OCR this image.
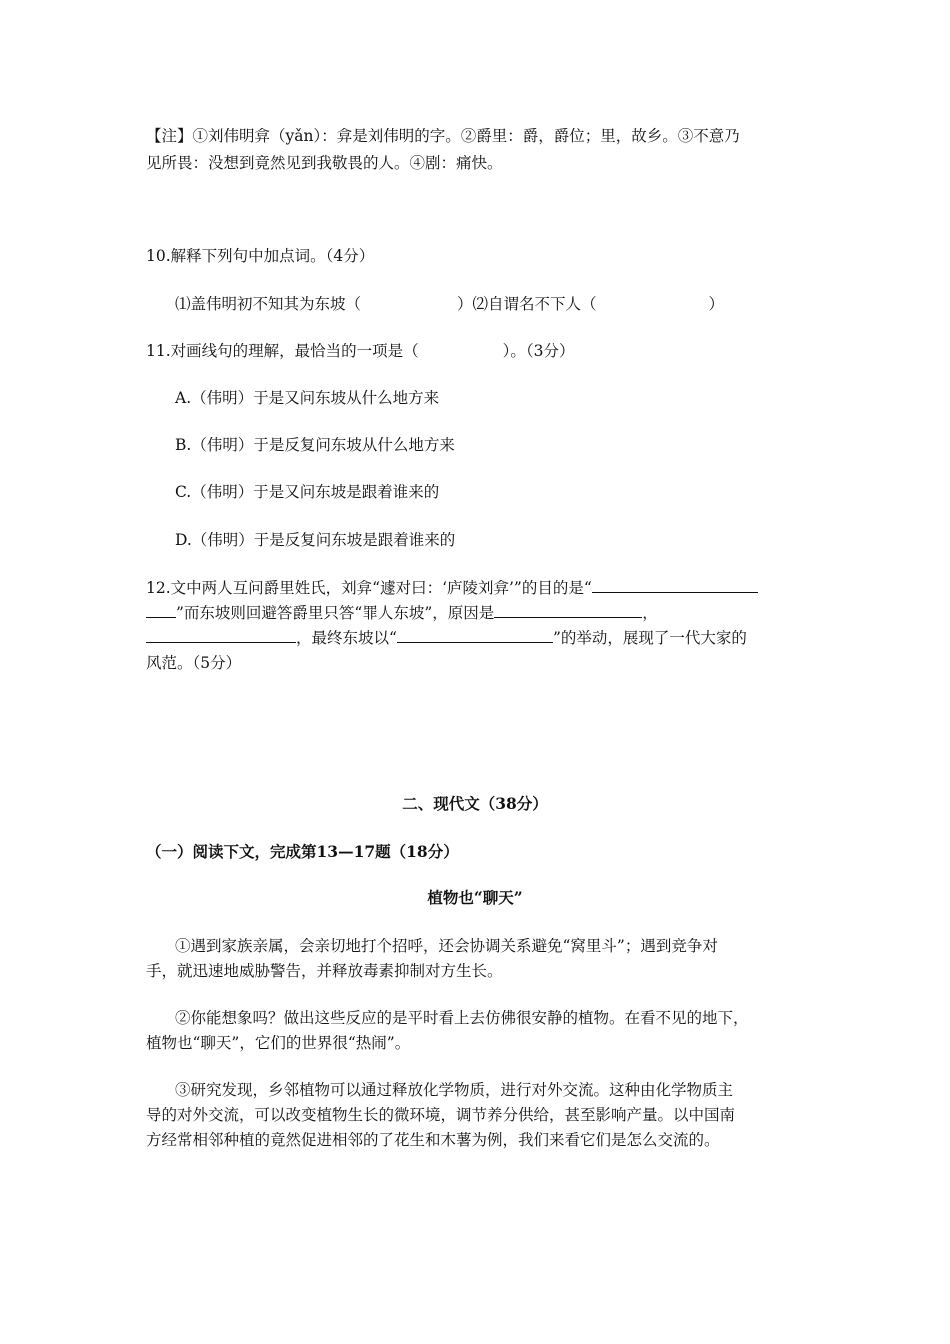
【注】①刘伟明弇（yǎn）：弇是刘伟明的字。②爵里：爵，爵位；里，故乡。③不意乃
见所畏：没想到竟然见到我敬畏的人。④剧：痛快。
10.解释下列句中加点词。（4分）
⑴盖伟明初不知其为东坡（	）⑵自谓名不下人（	）
11.对画线句的理解，最恰当的一项是（	）。（3分）
A.（伟明）于是又问东坡从什么地方来
B.（伟明）于是反复问东坡从什么地方来
C.（伟明）于是又问东坡是跟着谁来的
D.（伟明）于是反复问东坡是跟着谁来的
12.文中两人互问爵里姓氏，刘弇“遽对曰：‘庐陵刘弇’”的目的是“
”而东坡则回避答爵里只答“罪人东坡”，原因是	，
，最终东坡以“	”的举动，展现了一代大家的
风范。（5分）
二、现代文（38分）
（一）阅读下文，完成第13—17题（18分）
植物也“聊天”
①遇到家族亲属，会亲切地打个招呼，还会协调关系避免“窝里斗”；遇到竞争对
手，就迅速地威胁警告，并释放毒素抑制对方生长。
②你能想象吗？做出这些反应的是平时看上去仿佛很安静的植物。在看不见的地下，
植物也“聊天”，它们的世界很“热闹”。
③研究发现，乡邻植物可以通过释放化学物质，进行对外交流。这种由化学物质主
导的对外交流，可以改变植物生长的微环境，调节养分供给，甚至影响产量。以中国南
方经常相邻种植的竟然促进相邻的了花生和木薯为例，我们来看它们是怎么交流的。
